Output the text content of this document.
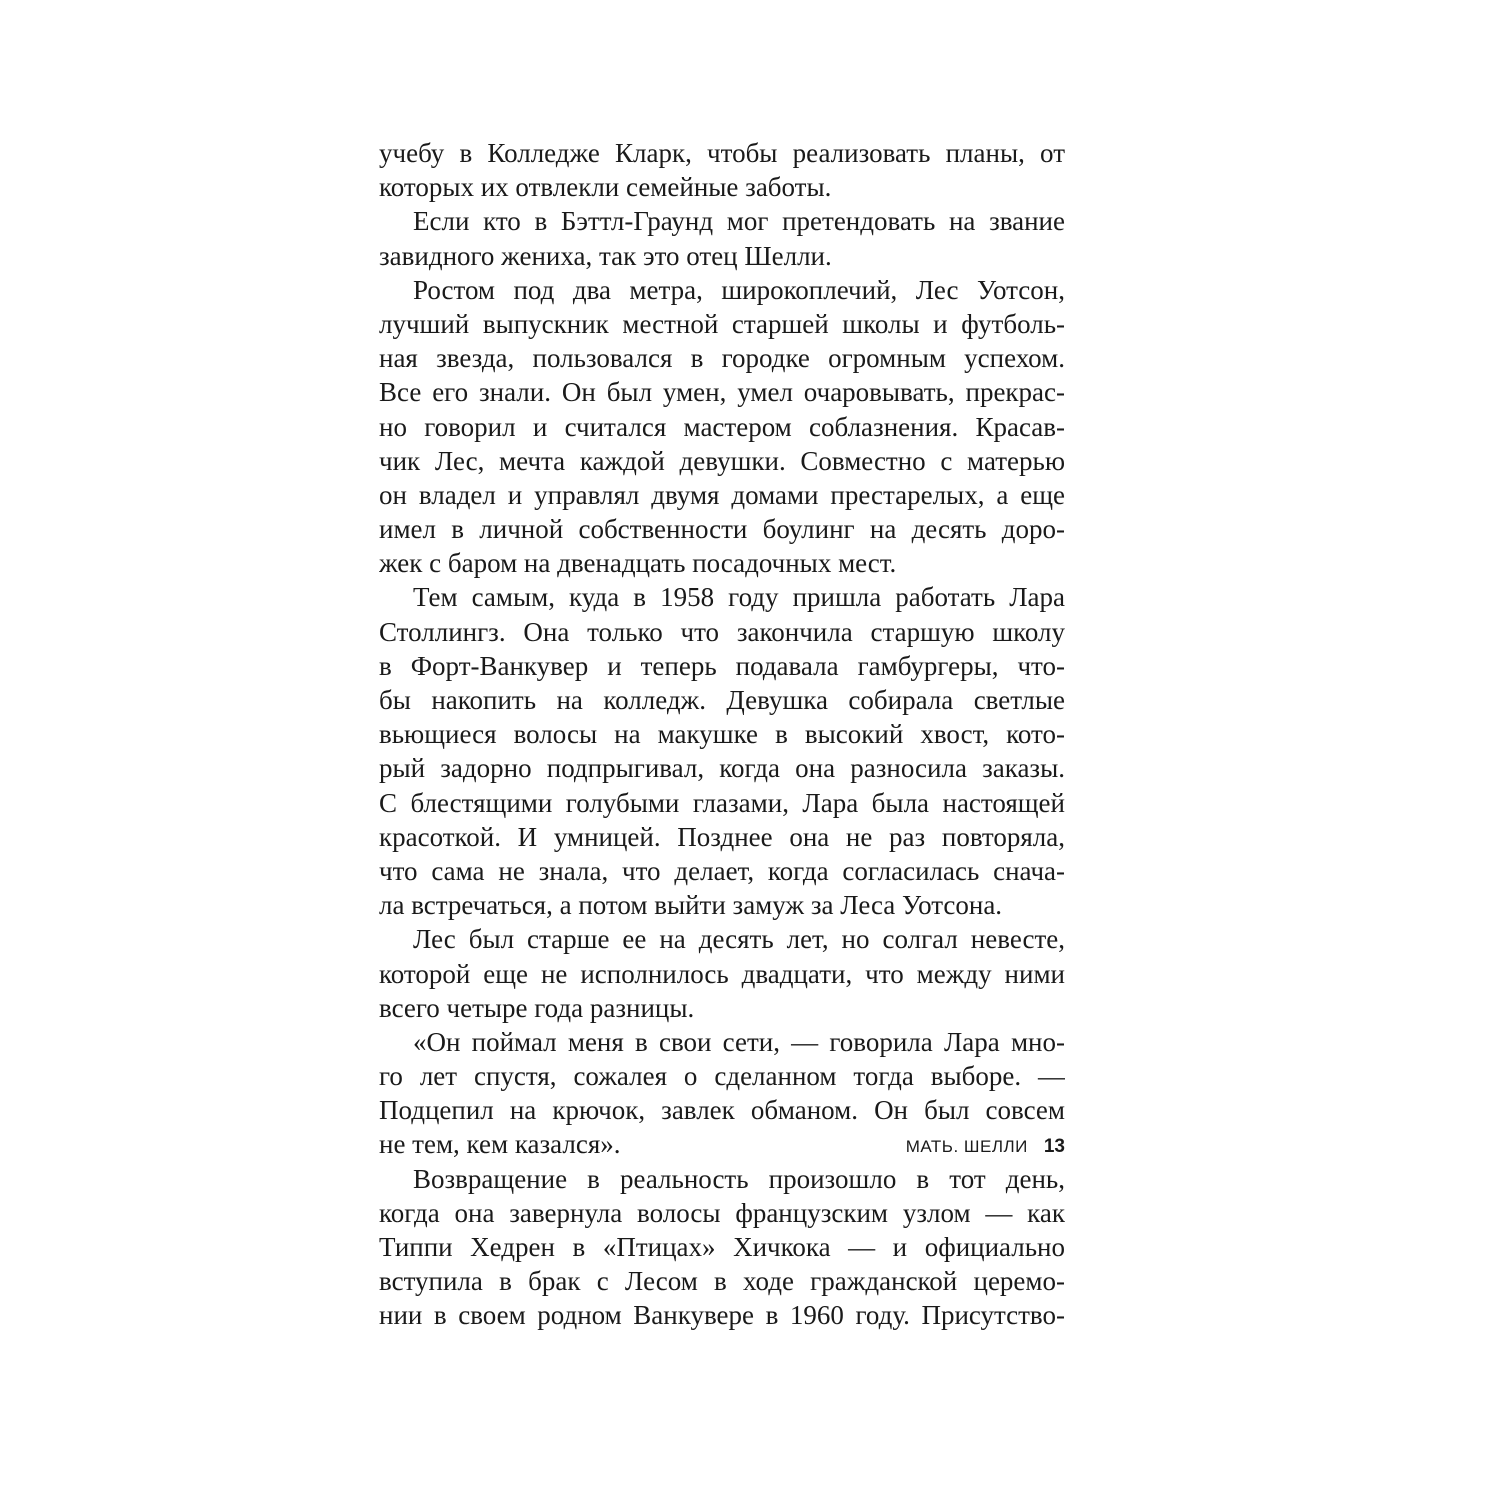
учебу в Колледже Кларк, чтобы реализовать планы, от
которых их отвлекли семейные заботы.
Если кто в Бэттл-Граунд мог претендовать на звание
завидного жениха, так это отец Шелли.
Ростом под два метра, широкоплечий, Лес Уотсон,
лучший выпускник местной старшей школы и футболь-
ная звезда, пользовался в городке огромным успехом.
Все его знали. Он был умен, умел очаровывать, прекрас-
но говорил и считался мастером соблазнения. Красав-
чик Лес, мечта каждой девушки. Совместно с матерью
он владел и управлял двумя домами престарелых, а еще
имел в личной собственности боулинг на десять доро-
жек с баром на двенадцать посадочных мест.
Тем самым, куда в 1958 году пришла работать Лара
Столлингз. Она только что закончила старшую школу
в Форт-Ванкувер и теперь подавала гамбургеры, что-
бы накопить на колледж. Девушка собирала светлые
вьющиеся волосы на макушке в высокий хвост, кото-
рый задорно подпрыгивал, когда она разносила заказы.
С блестящими голубыми глазами, Лара была настоящей
красоткой. И умницей. Позднее она не раз повторяла,
что сама не знала, что делает, когда согласилась снача-
ла встречаться, а потом выйти замуж за Леса Уотсона.
Лес был старше ее на десять лет, но солгал невесте,
которой еще не исполнилось двадцати, что между ними
всего четыре года разницы.
«Он поймал меня в свои сети, — говорила Лара мно-
го лет спустя, сожалея о сделанном тогда выборе. —
Подцепил на крючок, завлек обманом. Он был совсем
не тем, кем казался».
Возвращение в реальность произошло в тот день,
когда она завернула волосы французским узлом — как
Типпи Хедрен в «Птицах» Хичкока — и официально
вступила в брак с Лесом в ходе гражданской церемо-
нии в своем родном Ванкувере в 1960 году. Присутство-
МАТЬ. ШЕЛЛИ 13
